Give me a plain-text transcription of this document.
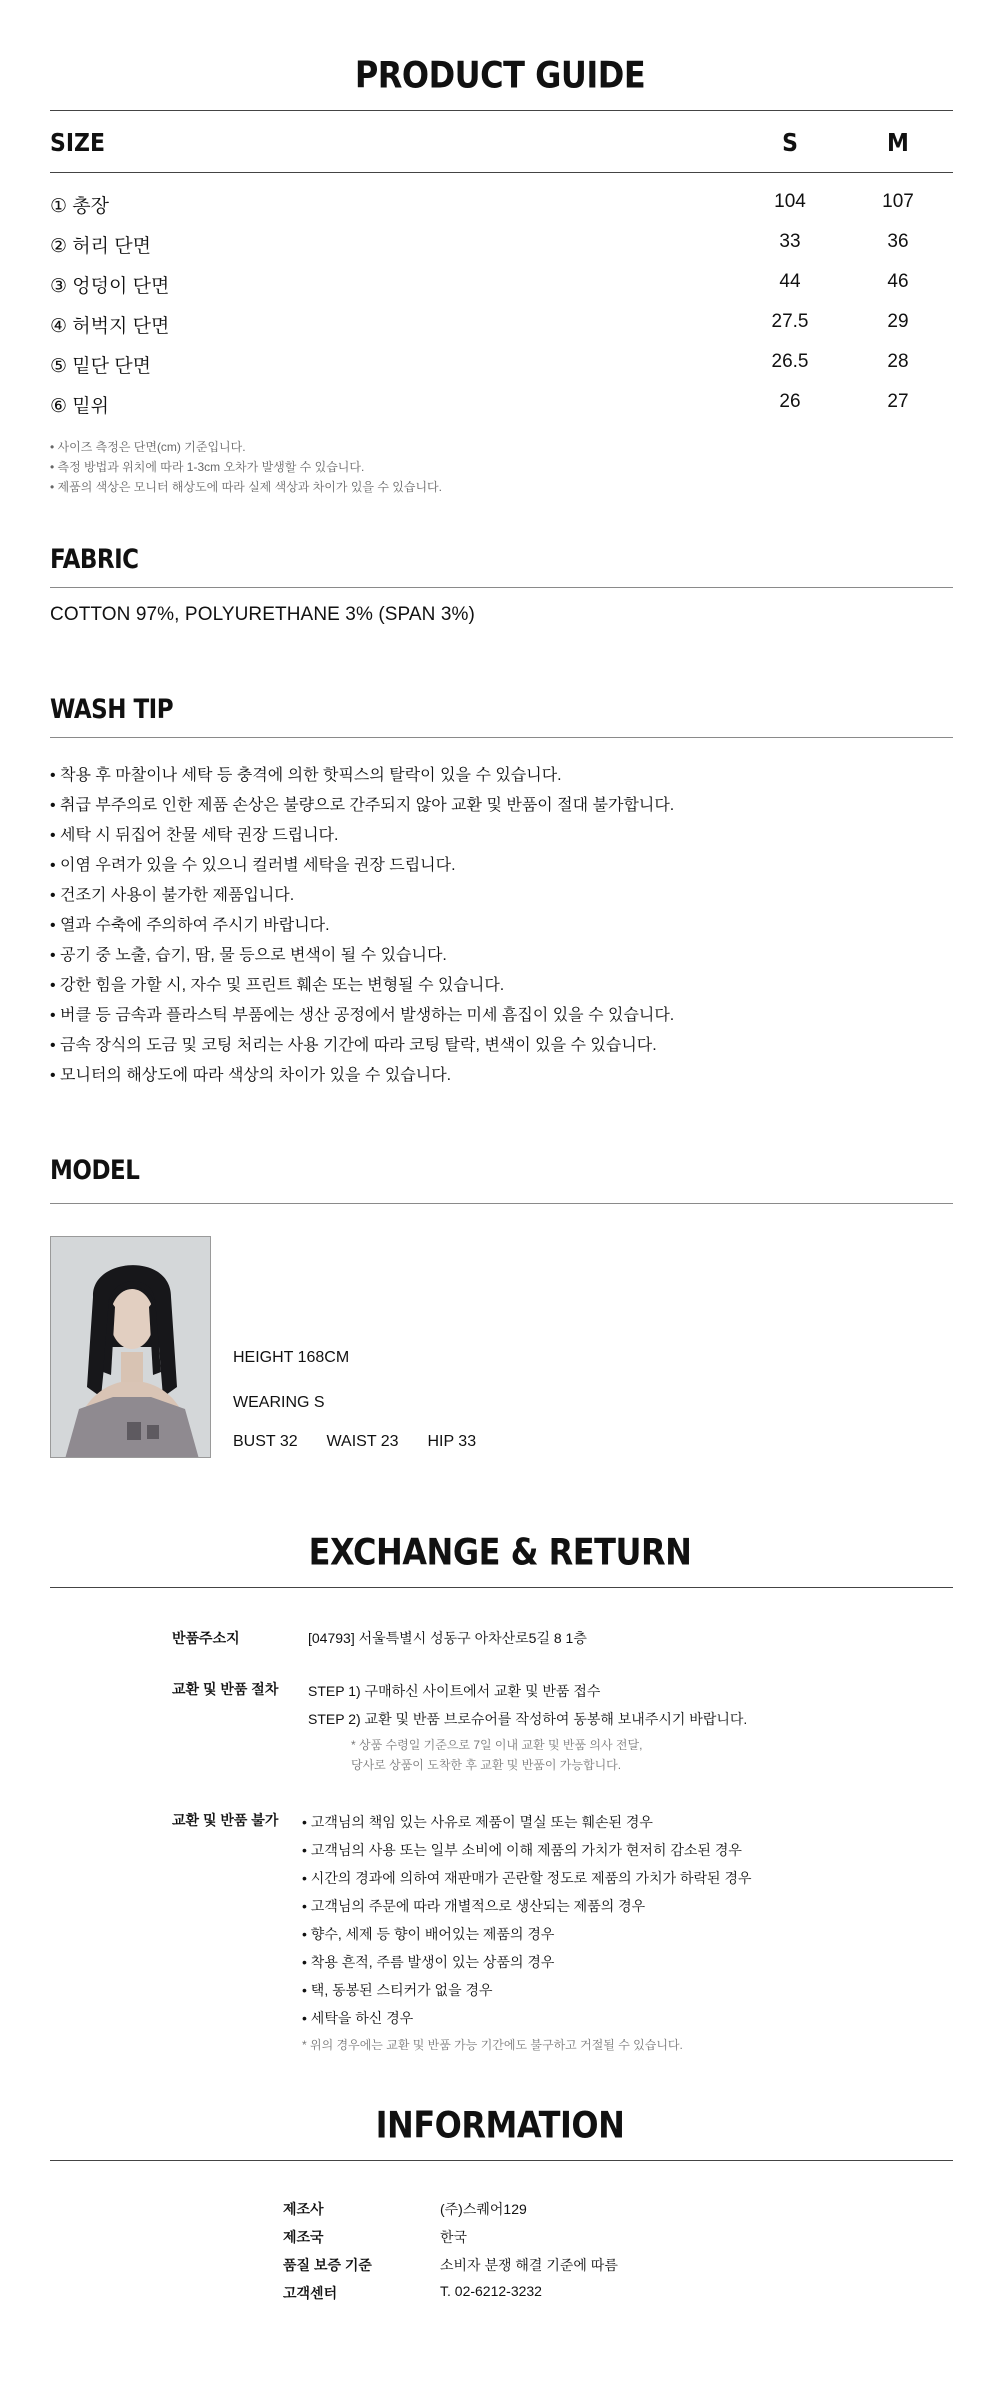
PRODUCT GUIDE
SIZE	S	M
① 총장	104	107
② 허리 단면	33	36
③ 엉덩이 단면	44	46
④ 허벅지 단면	27.5	29
⑤ 밑단 단면	26.5	28
⑥ 밑위	26	27
• 사이즈 측정은 단면(cm) 기준입니다.
• 측정 방법과 위치에 따라 1-3cm 오차가 발생할 수 있습니다.
• 제품의 색상은 모니터 해상도에 따라 실제 색상과 차이가 있을 수 있습니다.
FABRIC
COTTON 97%, POLYURETHANE 3% (SPAN 3%)
WASH TIP
• 착용 후 마찰이나 세탁 등 충격에 의한 핫픽스의 탈락이 있을 수 있습니다.
• 취급 부주의로 인한 제품 손상은 불량으로 간주되지 않아 교환 및 반품이 절대 불가합니다.
• 세탁 시 뒤집어 찬물 세탁 권장 드립니다.
• 이염 우려가 있을 수 있으니 컬러별 세탁을 권장 드립니다.
• 건조기 사용이 불가한 제품입니다.
• 열과 수축에 주의하여 주시기 바랍니다.
• 공기 중 노출, 습기, 땀, 물 등으로 변색이 될 수 있습니다.
• 강한 힘을 가할 시, 자수 및 프린트 훼손 또는 변형될 수 있습니다.
• 버클 등 금속과 플라스틱 부품에는 생산 공정에서 발생하는 미세 흠집이 있을 수 있습니다.
• 금속 장식의 도금 및 코팅 처리는 사용 기간에 따라 코팅 탈락, 변색이 있을 수 있습니다.
• 모니터의 해상도에 따라 색상의 차이가 있을 수 있습니다.
MODEL
HEIGHT 168CM
WEARING S
BUST 32 WAIST 23 HIP 33
EXCHANGE & RETURN
반품주소지	[04793] 서울특별시 성동구 아차산로5길 8 1층
교환 및 반품 절차 STEP 1) 구매하신 사이트에서 교환 및 반품 접수
STEP 2) 교환 및 반품 브로슈어를 작성하여 동봉해 보내주시기 바랍니다.
* 상품 수령일 기준으로 7일 이내 교환 및 반품 의사 전달,
당사로 상품이 도착한 후 교환 및 반품이 가능합니다.
교환 및 반품 불가 • 고객님의 책임 있는 사유로 제품이 멸실 또는 훼손된 경우
• 고객님의 사용 또는 일부 소비에 이해 제품의 가치가 현저히 감소된 경우
• 시간의 경과에 의하여 재판매가 곤란할 정도로 제품의 가치가 하락된 경우
• 고객님의 주문에 따라 개별적으로 생산되는 제품의 경우
• 향수, 세제 등 향이 배어있는 제품의 경우
• 착용 흔적, 주름 발생이 있는 상품의 경우
• 택, 동봉된 스티커가 없을 경우
• 세탁을 하신 경우
* 위의 경우에는 교환 및 반품 가능 기간에도 불구하고 거절될 수 있습니다.
INFORMATION
제조사	(주)스퀘어129
제조국	한국
품질 보증 기준	소비자 분쟁 해결 기준에 따름
고객센터	T. 02-6212-3232
